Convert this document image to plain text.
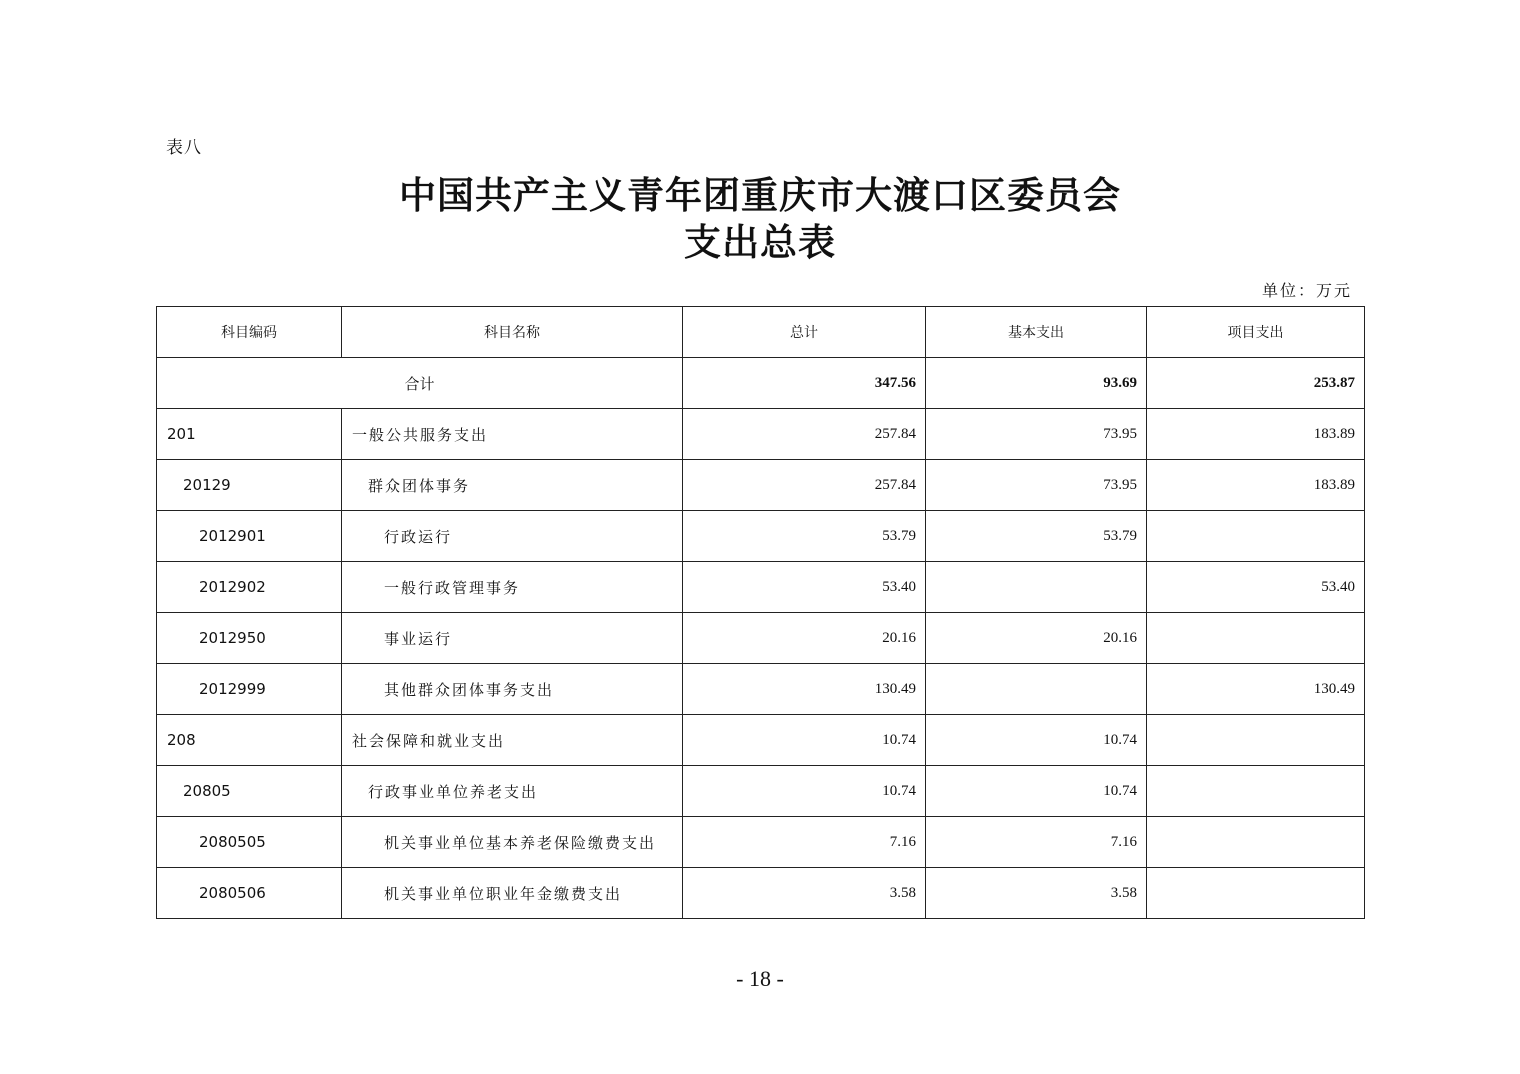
表八
中国共产主义青年团重庆市大渡口区委员会
支出总表
单位：万元
科目编码	科目名称	总计	基本支出	项目支出
合计		347.56	93.69	253.87
201	一般公共服务支出	257.84	73.95	183.89
20129	群众团体事务	257.84	73.95	183.89
2012901	行政运行	53.79	53.79	
2012902	一般行政管理事务	53.40		53.40
2012950	事业运行	20.16	20.16	
2012999	其他群众团体事务支出	130.49		130.49
208	社会保障和就业支出	10.74	10.74	
20805	行政事业单位养老支出	10.74	10.74	
2080505	机关事业单位基本养老保险缴费支出	7.16	7.16	
2080506	机关事业单位职业年金缴费支出	3.58	3.58	
- 18 -
